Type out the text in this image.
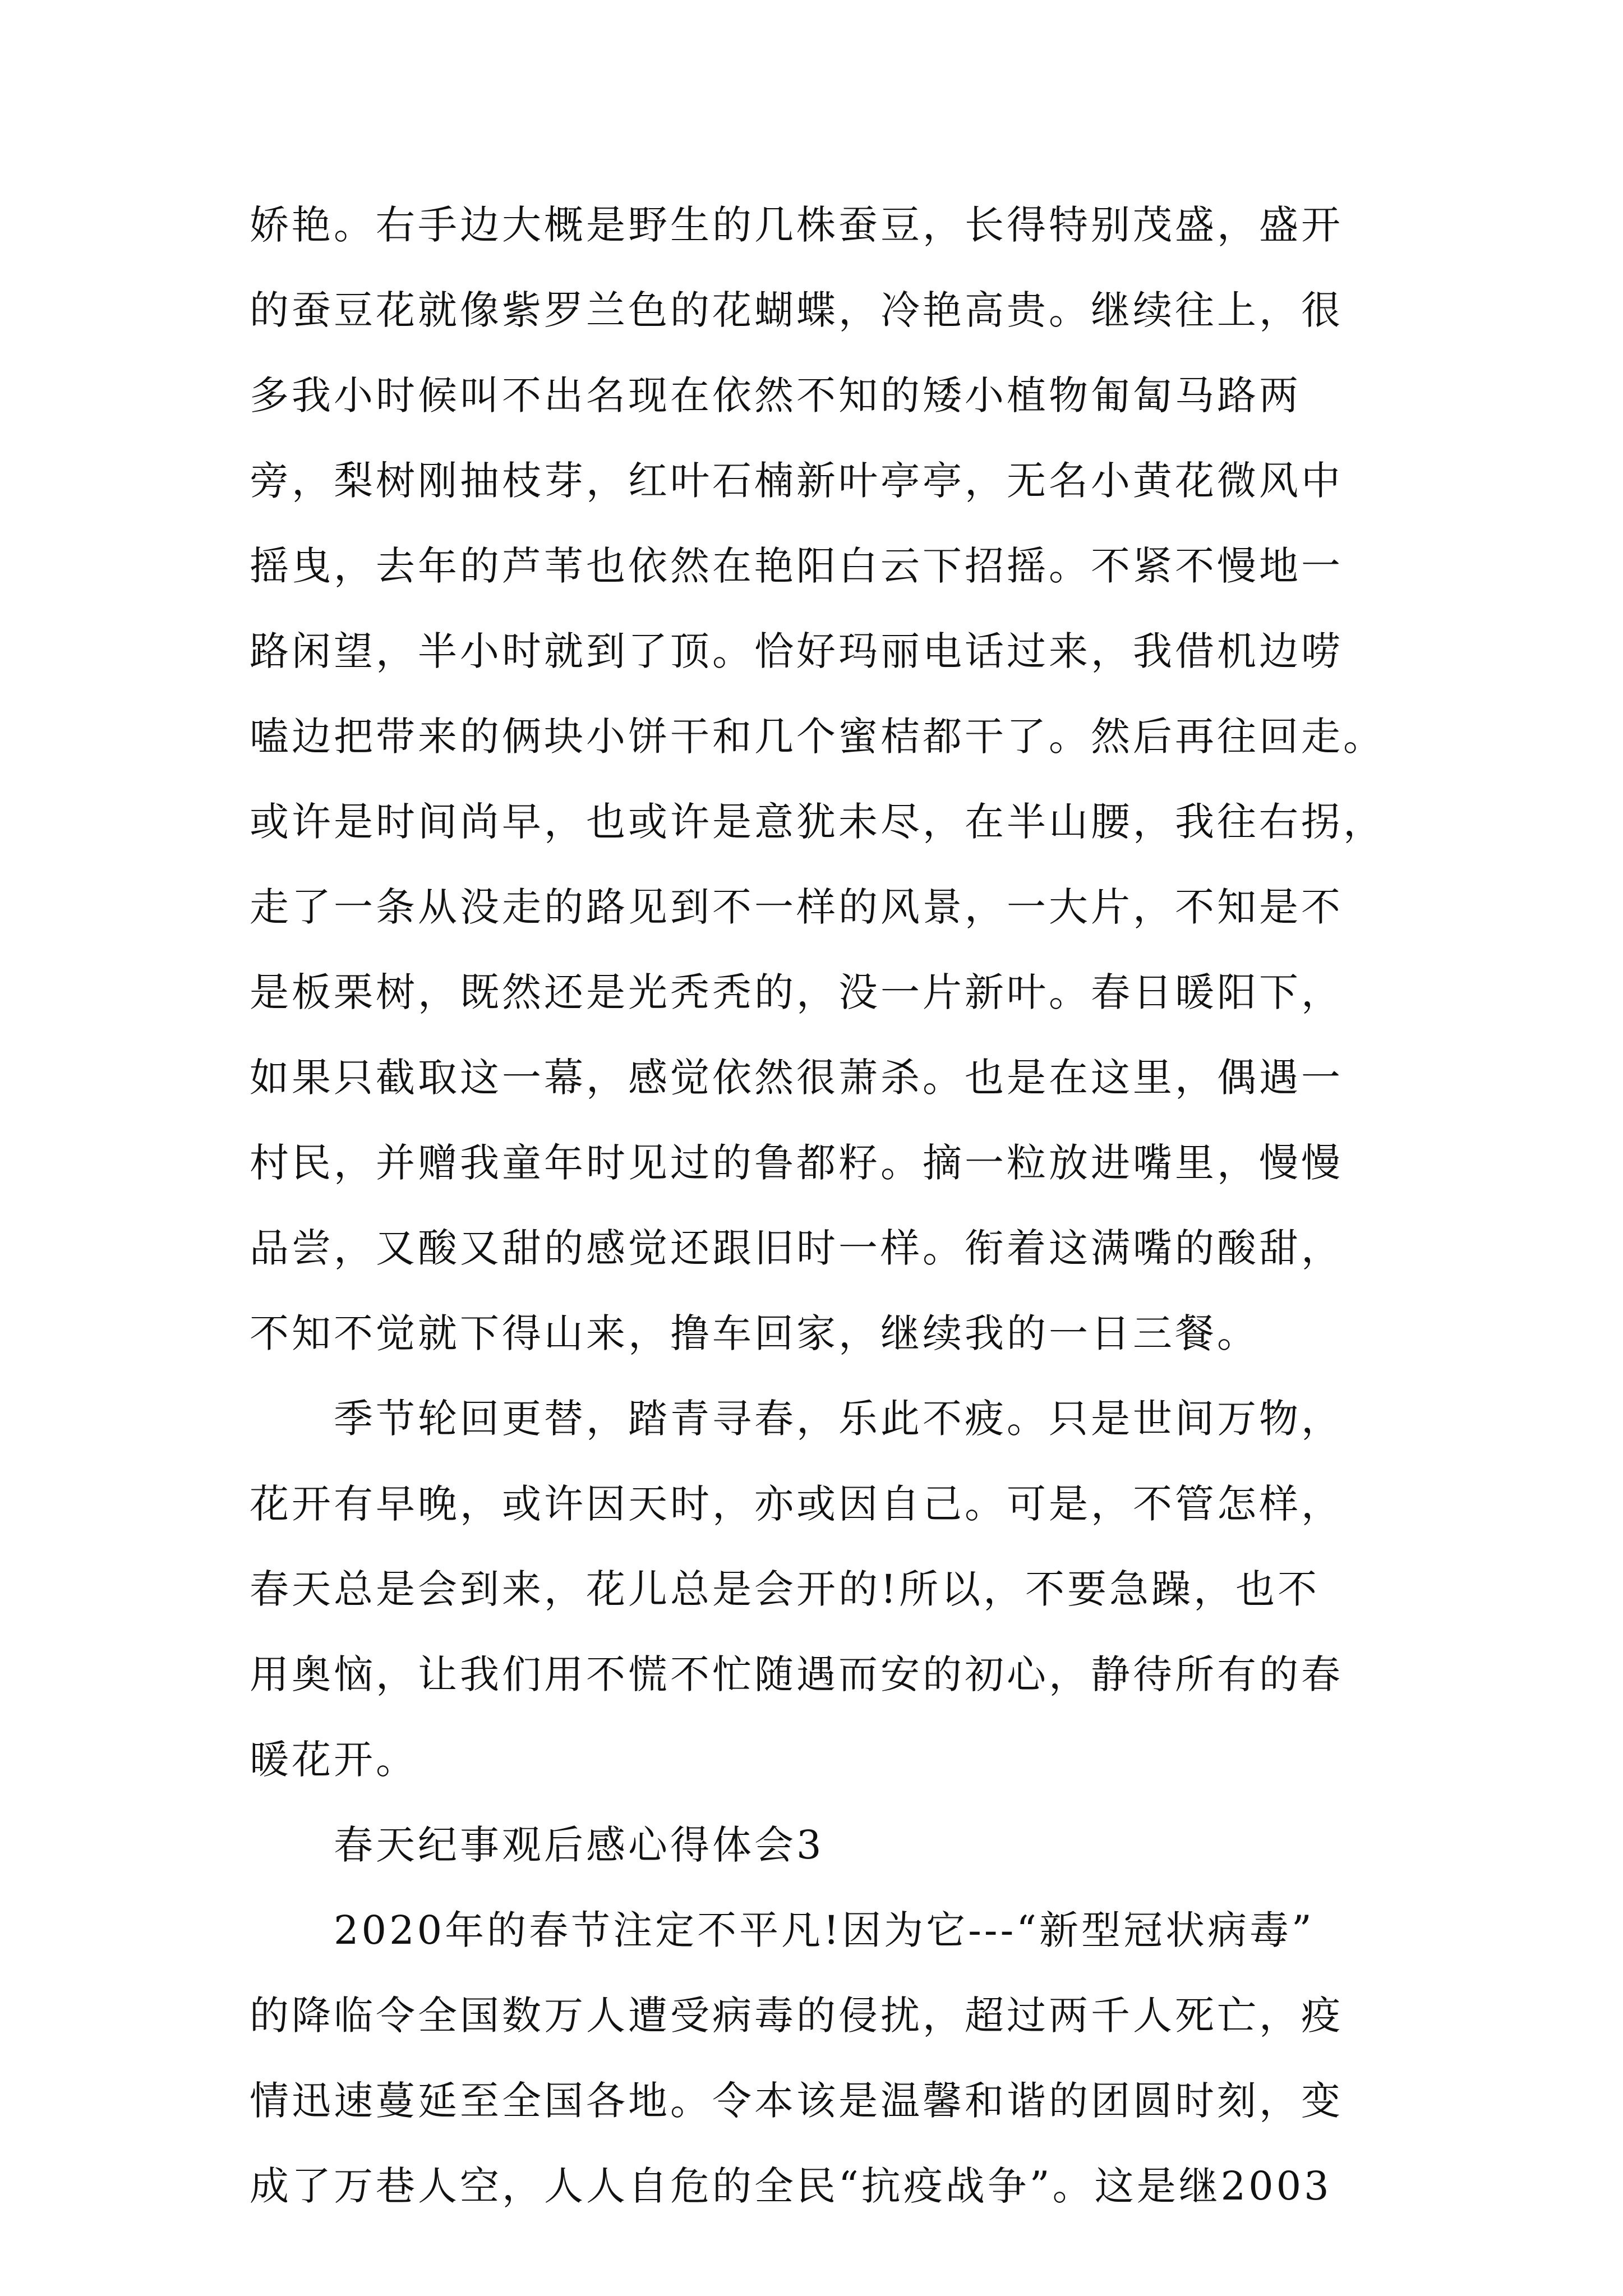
娇艳。右手边大概是野生的几株蚕豆，长得特别茂盛，盛开
的蚕豆花就像紫罗兰色的花蝴蝶，冷艳高贵。继续往上，很
多我小时候叫不出名现在依然不知的矮小植物匍匐马路两
旁，梨树刚抽枝芽，红叶石楠新叶亭亭，无名小黄花微风中
摇曳，去年的芦苇也依然在艳阳白云下招摇。不紧不慢地一
路闲望，半小时就到了顶。恰好玛丽电话过来，我借机边唠
嗑边把带来的俩块小饼干和几个蜜桔都干了。然后再往回走。
或许是时间尚早，也或许是意犹未尽，在半山腰，我往右拐，
走了一条从没走的路见到不一样的风景，一大片，不知是不
是板栗树，既然还是光秃秃的，没一片新叶。春日暖阳下，
如果只截取这一幕，感觉依然很萧杀。也是在这里，偶遇一
村民，并赠我童年时见过的鲁都籽。摘一粒放进嘴里，慢慢
品尝，又酸又甜的感觉还跟旧时一样。衔着这满嘴的酸甜，
不知不觉就下得山来，撸车回家，继续我的一日三餐。
季节轮回更替，踏青寻春，乐此不疲。只是世间万物，
花开有早晚，或许因天时，亦或因自己。可是，不管怎样，
春天总是会到来，花儿总是会开的!所以，不要急躁，也不
用奥恼，让我们用不慌不忙随遇而安的初心，静待所有的春
暖花开。
春天纪事观后感心得体会3
2020年的春节注定不平凡!因为它---“新型冠状病毒”
的降临令全国数万人遭受病毒的侵扰，超过两千人死亡，疫
情迅速蔓延至全国各地。令本该是温馨和谐的团圆时刻，变
成了万巷人空，人人自危的全民“抗疫战争”。这是继2003
